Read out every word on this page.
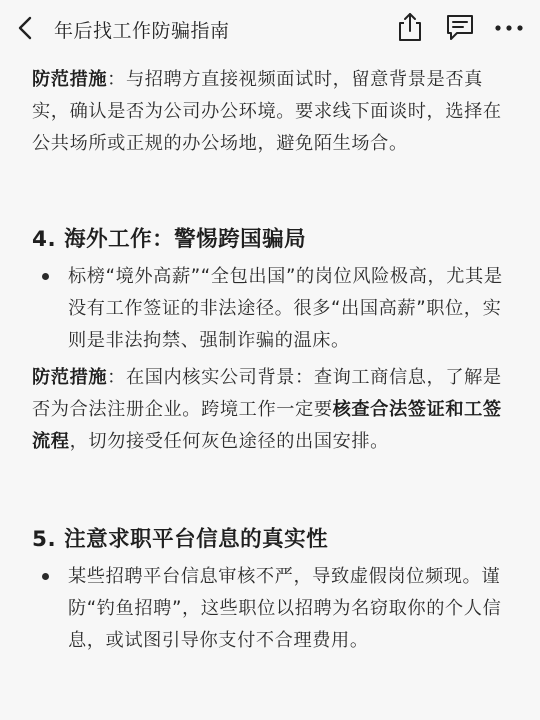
年后找工作防骗指南
防范措施：与招聘方直接视频面试时，留意背景是否真实，确认是否为公司办公环境。要求线下面谈时，选择在公共场所或正规的办公场地，避免陌生场合。
4. 海外工作：警惕跨国骗局
标榜“境外高薪”“全包出国”的岗位风险极高，尤其是没有工作签证的非法途径。很多“出国高薪”职位，实则是非法拘禁、强制诈骗的温床。
防范措施：在国内核实公司背景：查询工商信息，了解是否为合法注册企业。跨境工作一定要核查合法签证和工签流程，切勿接受任何灰色途径的出国安排。
5. 注意求职平台信息的真实性
某些招聘平台信息审核不严，导致虚假岗位频现。谨防“钓鱼招聘”，这些职位以招聘为名窃取你的个人信息，或试图引导你支付不合理费用。
